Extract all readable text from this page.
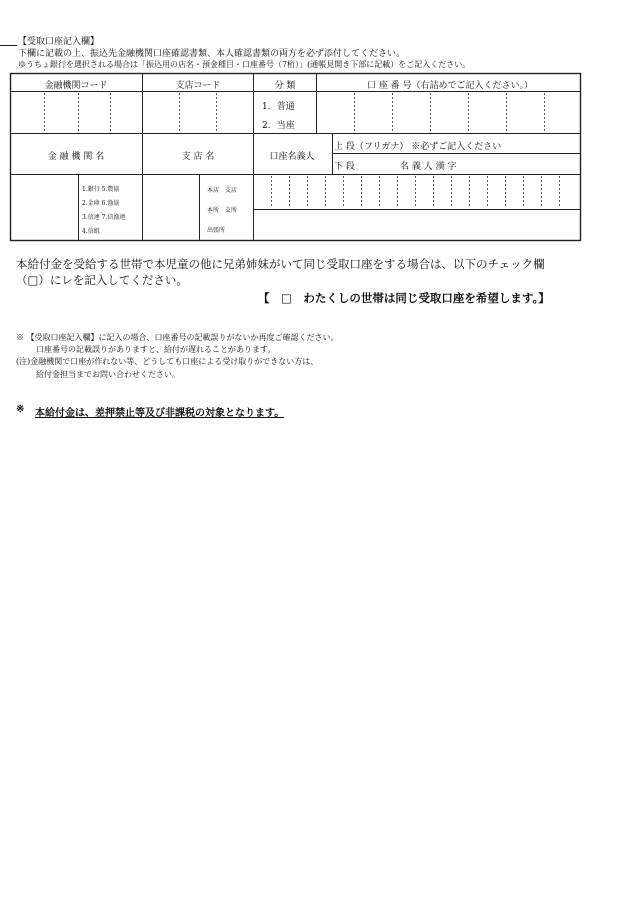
【受取口座記入欄】
下欄に記載の上、振込先金融機関口座確認書類、本人確認書類の両方を必ず添付してください。
ゆうちょ銀行を選択される場合は「振込用の店名・預金種目・口座番号（7桁）」(通帳見開き下部に記載）をご記入ください。
金融機関コード	支店コード	分 類	口 座 番 号（右詰めでご記入ください。）
1．普通
2．当座
金 融 機 関 名	支 店 名	口座名義人
上 段（フリガナ） ※必ずご記入ください
下 段	名 義 人 漢 字
1.銀行 5.農協
2.金庫 6.漁協
3.信連 7.信漁連
4.信組
本店　支店
本所　支所
出張所
本給付金を受給する世帯で本児童の他に兄弟姉妹がいて同じ受取口座をする場合は、以下のチェック欄
（□）にレを記入してください。
【　□　わたくしの世帯は同じ受取口座を希望します。】
※ 【受取口座記入欄】に記入の場合、口座番号の記載誤りがないか再度ご確認ください。
口座番号の記載誤りがありますと、給付が遅れることがあります。
(注)金融機関で口座が作れない等、どうしても口座による受け取りができない方は、
給付金担当までお問い合わせください。
※ 本給付金は、差押禁止等及び非課税の対象となります。
